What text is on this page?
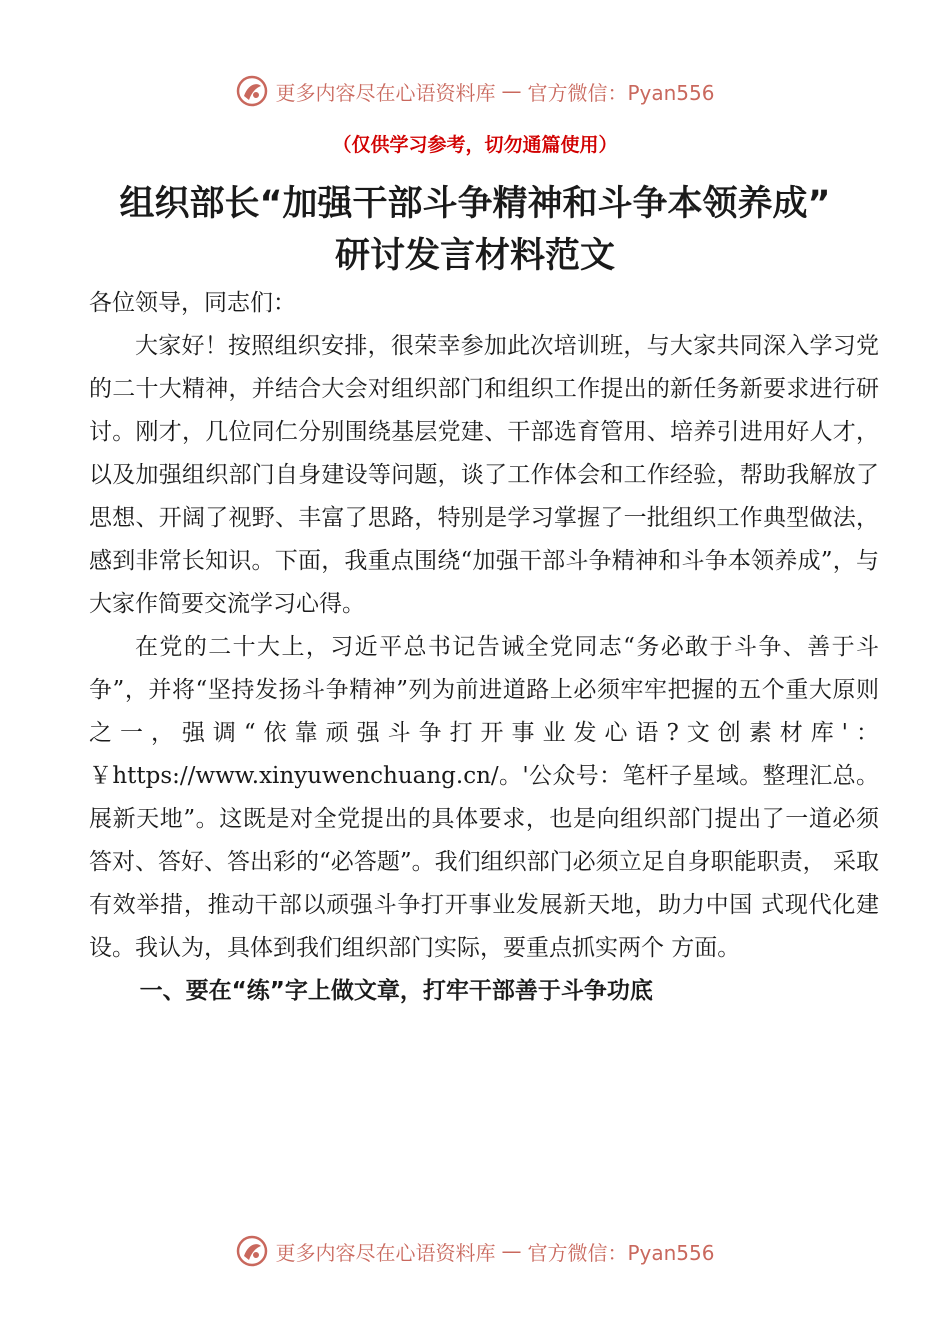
更多内容尽在心语资料库 — 官方微信：Pyan556
（仅供学习参考，切勿通篇使用）
组织部长“加强干部斗争精神和斗争本领养成”
研讨发言材料范文

各位领导，同志们：

大家好！按照组织安排，很荣幸参加此次培训班，与大家共同深入学习党的二十大精神，并结合大会对组织部门和组织工作提出的新任务新要求进行研讨。刚才，几位同仁分别围绕基层党建、干部选育管用、培养引进用好人才，以及加强组织部门自身建设等问题，谈了工作体会和工作经验，帮助我解放了思想、开阔了视野、丰富了思路，特别是学习掌握了一批组织工作典型做法，感到非常长知识。下面，我重点围绕“加强干部斗争精神和斗争本领养成”，与大家作简要交流学习心得。

在党的二十大上，习近平总书记告诫全党同志“务必敢于斗争、善于斗争”，并将“坚持发扬斗争精神”列为前进道路上必须牢牢把握的五个重大原则之一，强调“依靠顽强斗争打开事业发心语?文创素材库'：￥https://www.xinyuwenchuang.cn/。'公众号：笔杆子星域。整理汇总。展新天地”。这既是对全党提出的具体要求，也是向组织部门提出了一道必须答对、答好、答出彩的“必答题”。我们组织部门必须立足自身职能职责， 采取有效举措，推动干部以顽强斗争打开事业发展新天地，助力中国 式现代化建设。我认为，具体到我们组织部门实际，要重点抓实两个 方面。

一、要在“练”字上做文章，打牢干部善于斗争功底

更多内容尽在心语资料库 — 官方微信：Pyan556
